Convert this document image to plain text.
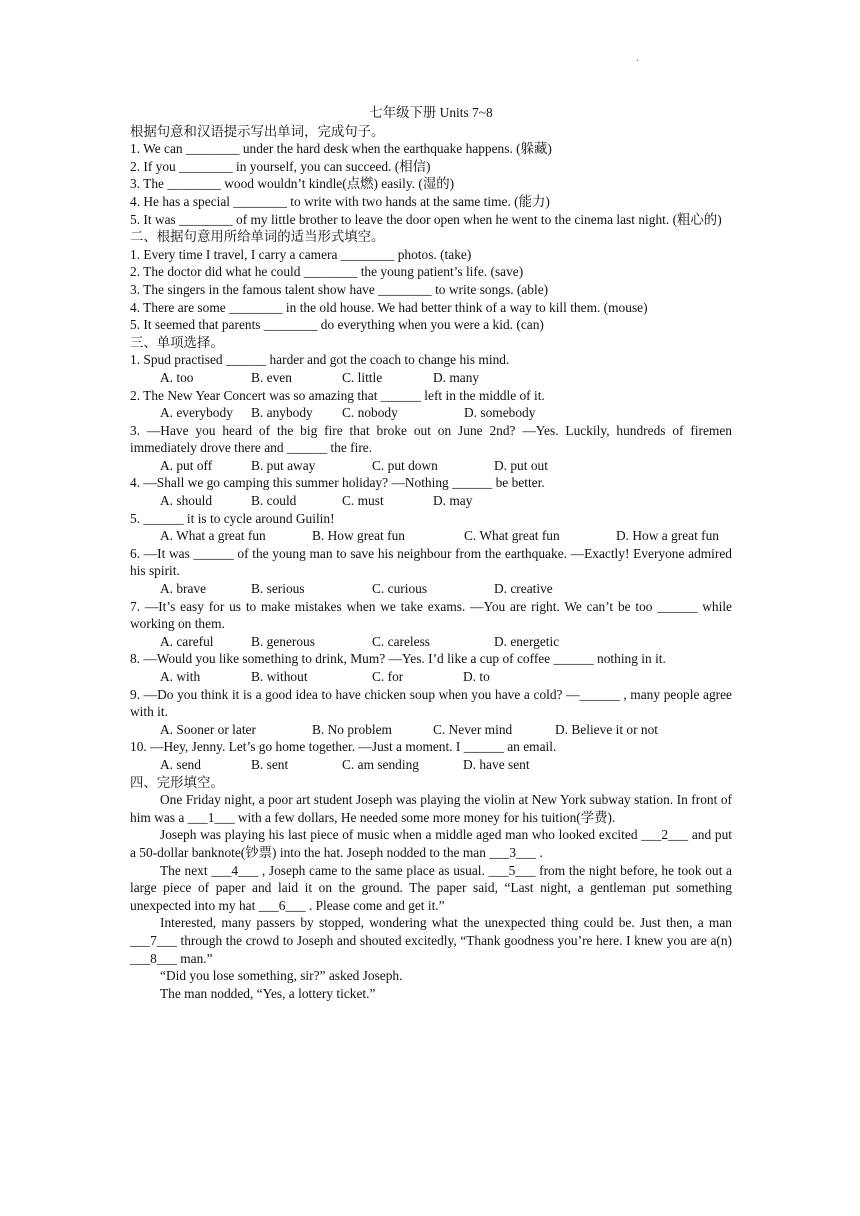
·
七年级下册 Units 7~8
根据句意和汉语提示写出单词，完成句子。
1. We can ________ under the hard desk when the earthquake happens. (躲藏)
2. If you ________ in yourself, you can succeed. (相信)
3. The ________ wood wouldn’t kindle(点燃) easily. (湿的)
4. He has a special ________ to write with two hands at the same time. (能力)
5. It was ________ of my little brother to leave the door open when he went to the cinema last night. (粗心的)
二、根据句意用所给单词的适当形式填空。
1. Every time I travel, I carry a camera ________ photos. (take)
2. The doctor did what he could ________ the young patient’s life. (save)
3. The singers in the famous talent show have ________ to write songs. (able)
4. There are some ________ in the old house. We had better think of a way to kill them. (mouse)
5. It seemed that parents ________ do everything when you were a kid. (can)
三、单项选择。
1. Spud practised ______ harder and got the coach to change his mind.
A. too	B. even	C. little	D. many
2. The New Year Concert was so amazing that ______ left in the middle of it.
A. everybody	B. anybody	C. nobody	D. somebody
3. —Have you heard of the big fire that broke out on June 2nd? —Yes. Luckily, hundreds of firemen immediately drove there and ______ the fire.
A. put off	B. put away	C. put down	D. put out
4. —Shall we go camping this summer holiday? —Nothing ______ be better.
A. should	B. could	C. must	D. may
5. ______ it is to cycle around Guilin!
A. What a great fun	B. How great fun	C. What great fun	D. How a great fun
6. —It was ______ of the young man to save his neighbour from the earthquake. —Exactly! Everyone admired his spirit.
A. brave	B. serious	C. curious	D. creative
7. —It’s easy for us to make mistakes when we take exams. —You are right. We can’t be too ______ while working on them.
A. careful	B. generous	C. careless	D. energetic
8. —Would you like something to drink, Mum? —Yes. I’d like a cup of coffee ______ nothing in it.
A. with	B. without	C. for	D. to
9. —Do you think it is a good idea to have chicken soup when you have a cold? —______ , many people agree with it.
A. Sooner or later	B. No problem	C. Never mind	D. Believe it or not
10. —Hey, Jenny. Let’s go home together. —Just a moment. I ______ an email.
A. send	B. sent	C. am sending	D. have sent
四、完形填空。
One Friday night, a poor art student Joseph was playing the violin at New York subway station. In front of him was a ___1___ with a few dollars, He needed some more money for his tuition(学费).
Joseph was playing his last piece of music when a middle aged man who looked excited ___2___ and put a 50-dollar banknote(钞票) into the hat. Joseph nodded to the man ___3___ .
The next ___4___ , Joseph came to the same place as usual. ___5___ from the night before, he took out a large piece of paper and laid it on the ground. The paper said, “Last night, a gentleman put something unexpected into my hat ___6___ . Please come and get it.”
Interested, many passers by stopped, wondering what the unexpected thing could be. Just then, a man ___7___ through the crowd to Joseph and shouted excitedly, “Thank goodness you’re here. I knew you are a(n) ___8___ man.”
“Did you lose something, sir?” asked Joseph.
The man nodded, “Yes, a lottery ticket.”
